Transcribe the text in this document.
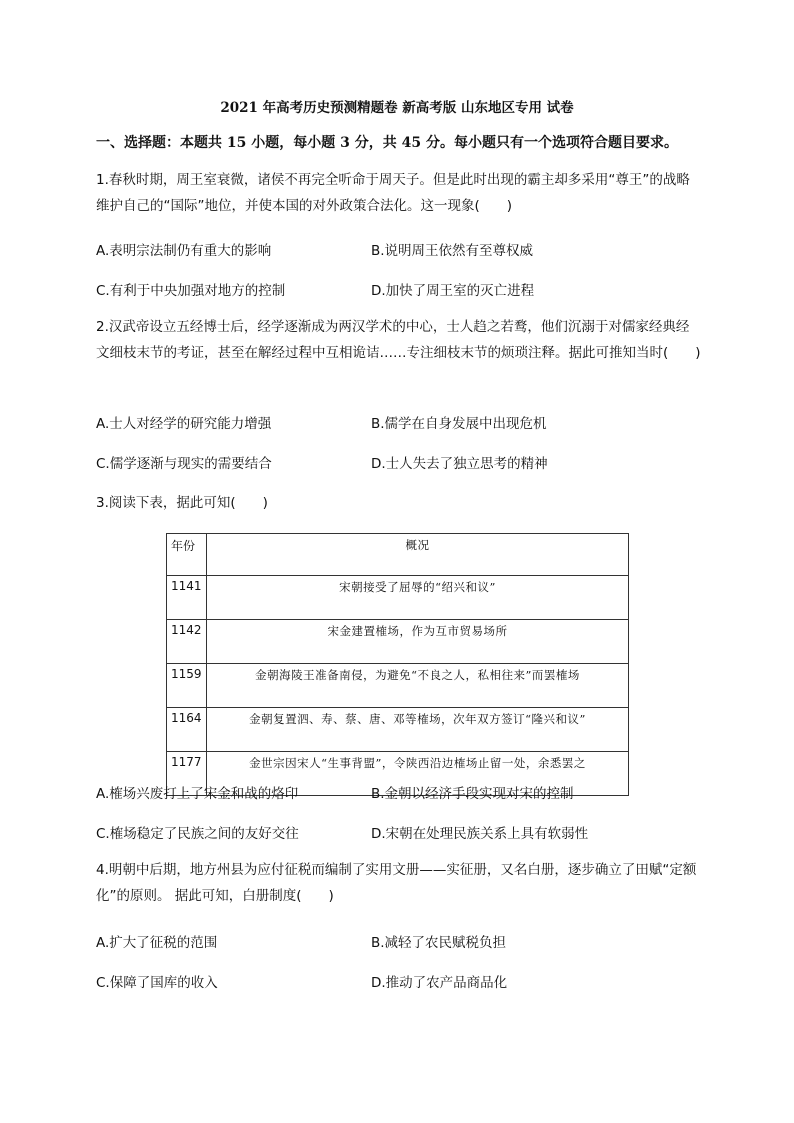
2021 年高考历史预测精题卷 新高考版 山东地区专用 试卷
一、选择题：本题共 15 小题，每小题 3 分，共 45 分。每小题只有一个选项符合题目要求。
1.春秋时期，周王室衰微，诸侯不再完全听命于周天子。但是此时出现的霸主却多采用“尊王”的战略维护自己的“国际”地位，并使本国的对外政策合法化。这一现象(　　)
A.表明宗法制仍有重大的影响	B.说明周王依然有至尊权威
C.有利于中央加强对地方的控制	D.加快了周王室的灭亡进程
2.汉武帝设立五经博士后，经学逐渐成为两汉学术的中心，士人趋之若鹜，他们沉溺于对儒家经典经文细枝末节的考证，甚至在解经过程中互相诡诘……专注细枝末节的烦琐注释。据此可推知当时(　　)
A.士人对经学的研究能力增强	B.儒学在自身发展中出现危机
C.儒学逐渐与现实的需要结合	D.士人失去了独立思考的精神
3.阅读下表，据此可知(　　)
年份	概况
1141	宋朝接受了屈辱的“绍兴和议”
1142	宋金建置榷场，作为互市贸易场所
1159	金朝海陵王准备南侵，为避免“不良之人，私相往来”而罢榷场
1164	金朝复置泗、寿、蔡、唐、邓等榷场，次年双方签订“隆兴和议”
1177	金世宗因宋人“生事背盟”，令陕西沿边榷场止留一处，余悉罢之
A.榷场兴废打上了宋金和战的烙印	B.金朝以经济手段实现对宋的控制
C.榷场稳定了民族之间的友好交往	D.宋朝在处理民族关系上具有软弱性
4.明朝中后期，地方州县为应付征税而编制了实用文册——实征册，又名白册，逐步确立了田赋“定额化”的原则。 据此可知，白册制度(　　)
A.扩大了征税的范围	B.减轻了农民赋税负担
C.保障了国库的收入	D.推动了农产品商品化
